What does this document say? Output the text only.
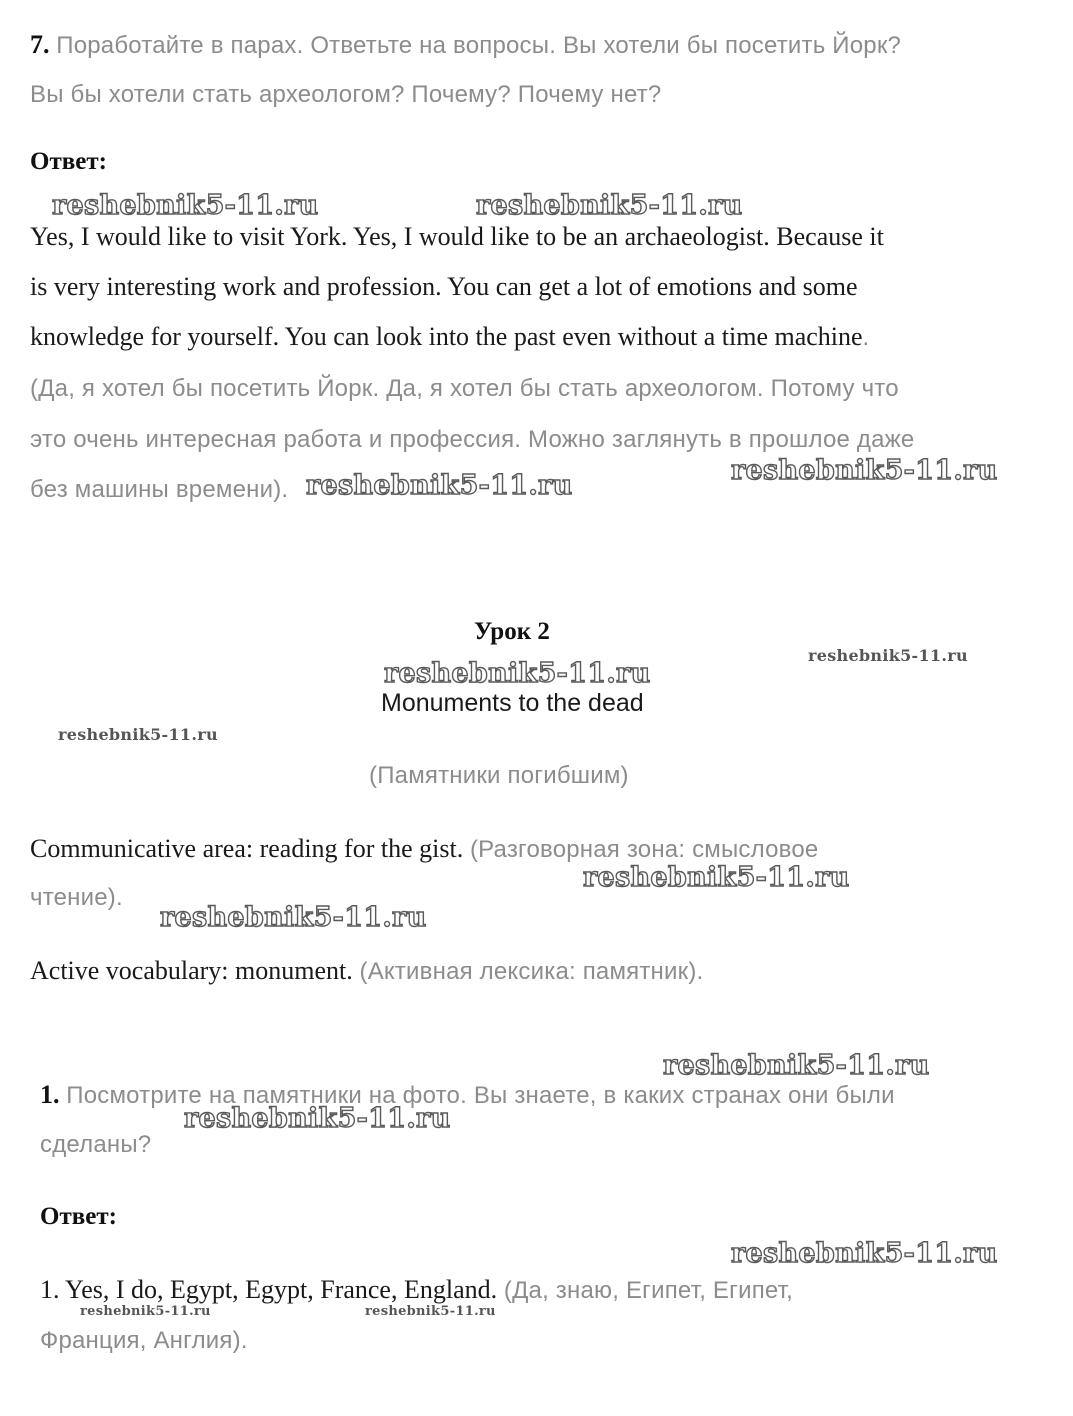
7. Поработайте в парах. Ответьте на вопросы. Вы хотели бы посетить Йорк?
Вы бы хотели стать археологом? Почему? Почему нет?
Ответ:
reshebnik5-11.ru	reshebnik5-11.ru
Yes, I would like to visit York. Yes, I would like to be an archaeologist. Because it
is very interesting work and profession. You can get a lot of emotions and some
knowledge for yourself. You can look into the past even without a time machine.
(Да, я хотел бы посетить Йорк. Да, я хотел бы стать археологом. Потому что
это очень интересная работа и профессия. Можно заглянуть в прошлое даже
без машины времени). reshebnik5-11.ru	reshebnik5-11.ru
Урок 2
reshebnik5-11.ru
reshebnik5-11.ru
Monuments to the dead
reshebnik5-11.ru
(Памятники погибшим)
Communicative area: reading for the gist. (Разговорная зона: смысловое
чтение).
reshebnik5-11.ru
reshebnik5-11.ru
Active vocabulary: monument. (Активная лексика: памятник).
reshebnik5-11.ru
1. Посмотрите на памятники на фото. Вы знаете, в каких странах они были
reshebnik5-11.ru
сделаны?
Ответ:
reshebnik5-11.ru
1. Yes, I do, Egypt, Egypt, France, England. (Да, знаю, Египет, Египет,
reshebnik5-11.ru	reshebnik5-11.ru
Франция, Англия).
